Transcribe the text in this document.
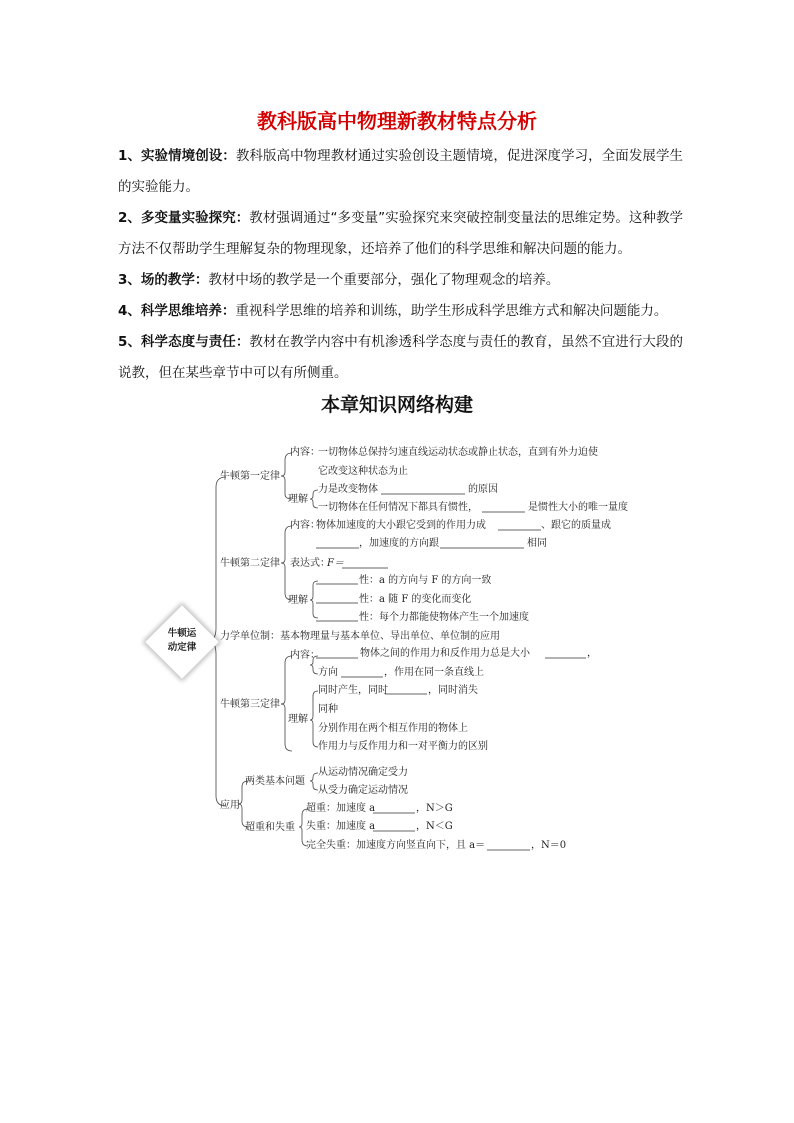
教科版高中物理新教材特点分析
1、实验情境创设：教科版高中物理教材通过实验创设主题情境，促进深度学习，全面发展学生的实验能力。
2、多变量实验探究：教材强调通过“多变量”实验探究来突破控制变量法的思维定势。这种教学方法不仅帮助学生理解复杂的物理现象，还培养了他们的科学思维和解决问题的能力。
3、场的教学：教材中场的教学是一个重要部分，强化了物理观念的培养。
4、科学思维培养：重视科学思维的培养和训练，助学生形成科学思维方式和解决问题能力。
5、科学态度与责任：教材在教学内容中有机渗透科学态度与责任的教育，虽然不宜进行大段的说教，但在某些章节中可以有所侧重。
本章知识网络构建
牛顿第一定律
内容：
一切物体总保持匀速直线运动状态或静止状态，直到有外力迫使
它改变这种状态为止
理解
力是改变物体	的原因
一切物体在任何情况下都具有惯性，	是惯性大小的唯一量度
牛顿第二定律
内容：
物体加速度的大小跟它受到的作用力成	、跟它的质量成
，加速度的方向跟	相同
表达式：
F＝
理解
性：a 的方向与 F 的方向一致
性：a 随 F 的变化而变化
性：每个力都能使物体产生一个加速度
力学单位制：基本物理量与基本单位、导出单位、单位制的应用
牛顿第三定律
内容：	物体之间的作用力和反作用力总是大小	，
方向	，作用在同一条直线上
理解
同时产生，同时	，同时消失
同种
分别作用在两个相互作用的物体上
作用力与反作用力和一对平衡力的区别
应用
两类基本问题
从运动情况确定受力
从受力确定运动情况
超重和失重
超重：加速度 a	，N＞G
失重：加速度 a	，N＜G
完全失重：加速度方向竖直向下，且 a＝	，N＝0
牛顿运
动定律
